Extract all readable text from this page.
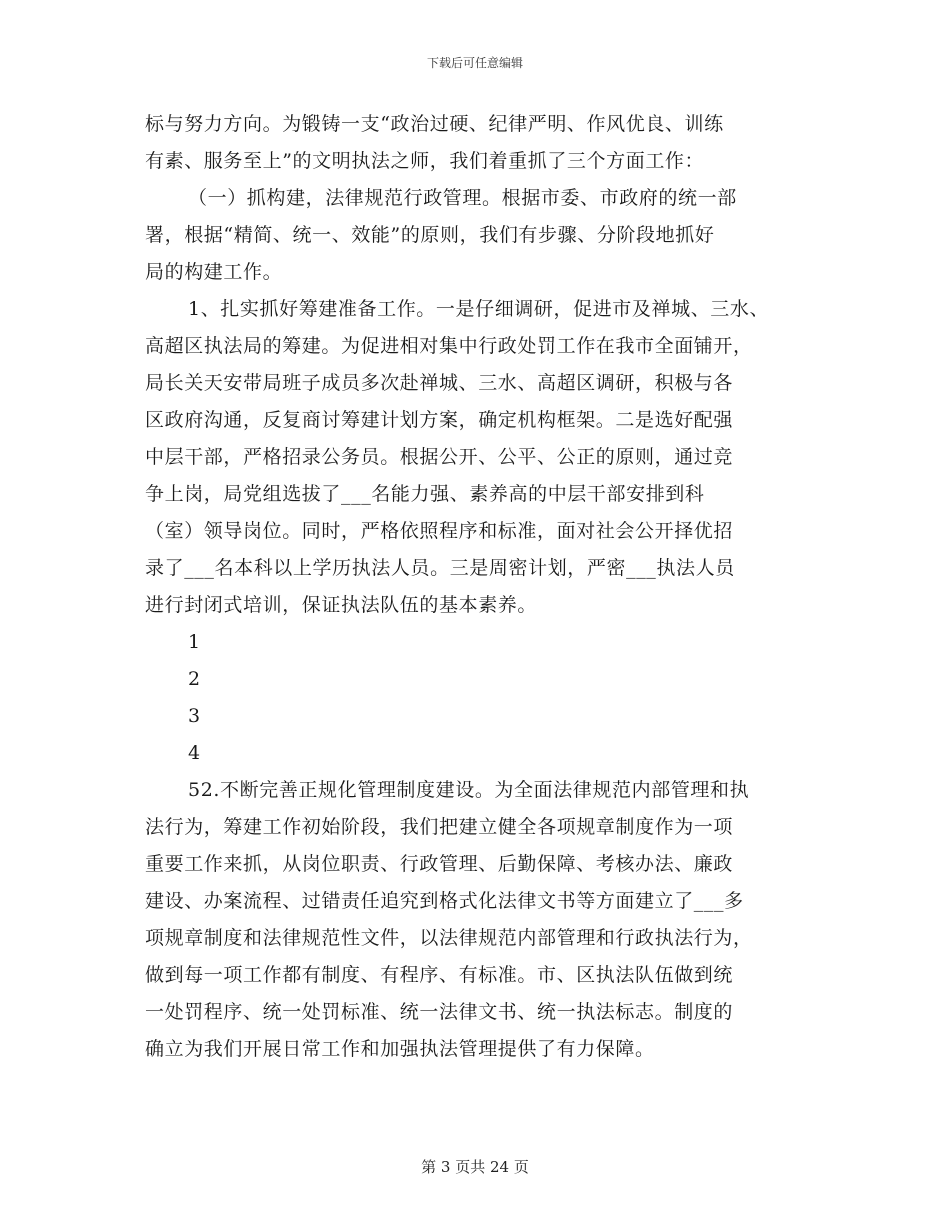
下载后可任意编辑
标与努力方向。为锻铸一支“政治过硬、纪律严明、作风优良、训练
有素、服务至上”的文明执法之师，我们着重抓了三个方面工作：
（一）抓构建，法律规范行政管理。根据市委、市政府的统一部
署，根据“精简、统一、效能”的原则，我们有步骤、分阶段地抓好
局的构建工作。
1、扎实抓好筹建准备工作。一是仔细调研，促进市及禅城、三水、
高超区执法局的筹建。为促进相对集中行政处罚工作在我市全面铺开，
局长关天安带局班子成员多次赴禅城、三水、高超区调研，积极与各
区政府沟通，反复商讨筹建计划方案，确定机构框架。二是选好配强
中层干部，严格招录公务员。根据公开、公平、公正的原则，通过竞
争上岗，局党组选拔了___名能力强、素养高的中层干部安排到科
（室）领导岗位。同时，严格依照程序和标准，面对社会公开择优招
录了___名本科以上学历执法人员。三是周密计划，严密___执法人员
进行封闭式培训，保证执法队伍的基本素养。
1
2
3
4
52.不断完善正规化管理制度建设。为全面法律规范内部管理和执
法行为，筹建工作初始阶段，我们把建立健全各项规章制度作为一项
重要工作来抓，从岗位职责、行政管理、后勤保障、考核办法、廉政
建设、办案流程、过错责任追究到格式化法律文书等方面建立了___多
项规章制度和法律规范性文件，以法律规范内部管理和行政执法行为，
做到每一项工作都有制度、有程序、有标准。市、区执法队伍做到统
一处罚程序、统一处罚标准、统一法律文书、统一执法标志。制度的
确立为我们开展日常工作和加强执法管理提供了有力保障。
第 3 页共 24 页
